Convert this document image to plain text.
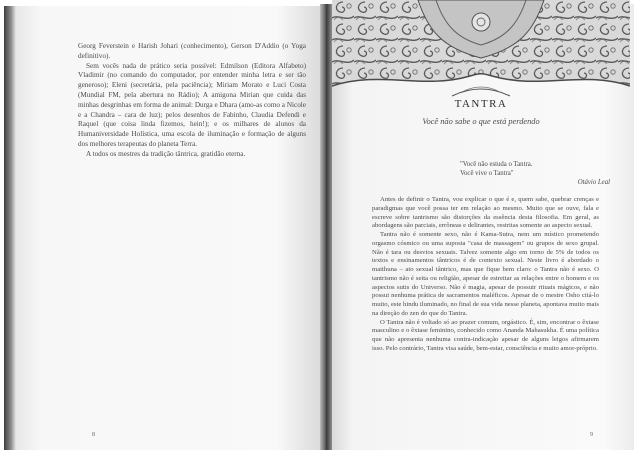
Georg Feverstein e Harish Johari (conhecimento), Gerson D'Addio (o Yoga definitivo).

Sem vocês nada de prático seria possível: Edmilson (Editora Alfabeto) Vladimir (no comando do computador, por entender minha letra e ser tão generoso); Eleni (secretária, pela paciência); Miriam Morato e Luci Costa (Mundial FM, pela abertura no Rádio); A amigona Mirian que cuida das minhas desgrinhas em forma de animal: Durga e Dhara (amo-as como a Nicole e a Chandra – cara de luz); pelos desenhos de Fabinho, Claudia Defendi e Raquel (que coisa linda fizemos, hein!); e os milhares de alunos da Humaniversidade Holística, uma escola de iluminação e formação de alguns dos melhores terapeutas do planeta Terra.

A todos os mestres da tradição tântrica, gratidão eterna.

8
TANTRA
Você não sabe o que está perdendo
"Você não estuda o Tantra.
Você vive o Tantra"
Otávio Leal

Antes de definir o Tantra, vou explicar o que é e, quem sabe, quebrar crenças e paradigmas que você possa ter em relação ao mesmo. Muito que se ouve, fala e escreve sobre tantrismo são distorções da essência desta filosofia. Em geral, as abordagens são parciais, errôneas e delirantes, restritas somente ao aspecto sexual.

Tantra não é somente sexo, não é Kama-Sutra, nem um místico prometendo orgasmo cósmico ou uma suposta "casa de massagem" ou grupos de sexo grupal. Não é tara ou desvios sexuais. Talvez somente algo em torno de 5% de todos os textos e ensinamentos tântricos é de contexto sexual. Neste livro é abordado o maithuna – ato sexual tântrico, mas que fique bem claro: o Tantra não é sexo. O tantrismo não é seita ou religião, apesar de estreitar as relações entre o homem e os aspectos sutis do Universo. Não é magia, apesar de possuir rituais mágicos, e não possui nenhuma prática de sacramentos maléficos. Apesar de o mestre Osho citá-lo muito, este hindu iluminado, no final de sua vida nesse planeta, apontava muito mais na direção do zen do que do Tantra.

O Tantra não é voltado só ao prazer comum, orgástico. É, sim, encontrar o êxtase masculino e o êxtase feminino, conhecido como Ananda Mahasukha. É uma política que não apresenta nenhuma contra-indicação apesar de alguns leigos afirmarem isso. Pelo contrário, Tantra visa saúde, bem-estar, consciência e muito amor-próprio.

9
